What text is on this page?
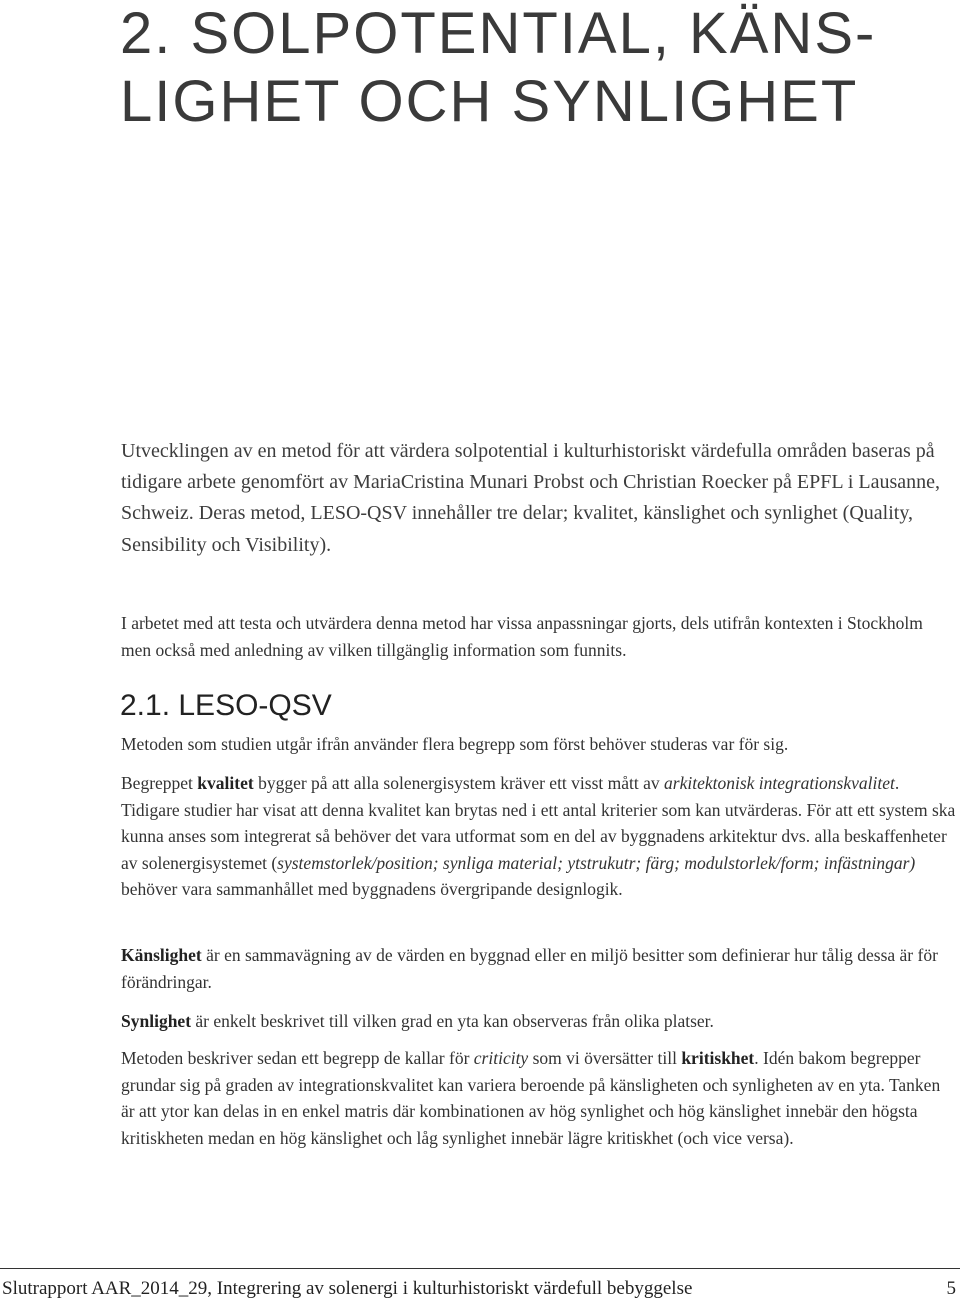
2. SOLPOTENTIAL, KÄNS-
LIGHET OCH SYNLIGHET

Utvecklingen av en metod för att värdera solpotential i kulturhistoriskt värdefulla områden baseras på tidigare arbete genomfört av MariaCristina Munari Probst och Christian Roecker på EPFL i Lausanne, Schweiz. Deras metod, LESO-QSV innehåller tre delar; kvalitet, känslighet och synlighet (Quality, Sensibility och Visibility).

I arbetet med att testa och utvärdera denna metod har vissa anpassningar gjorts, dels utifrån kontexten i Stockholm men också med anledning av vilken tillgänglig information som funnits.

2.1. LESO-QSV

Metoden som studien utgår ifrån använder flera begrepp som först behöver studeras var för sig.

Begreppet kvalitet bygger på att alla solenergisystem kräver ett visst mått av arkitektonisk integrationskvalitet. Tidigare studier har visat att denna kvalitet kan brytas ned i ett antal kriterier som kan utvärderas. För att ett system ska kunna anses som integrerat så behöver det vara utformat som en del av byggnadens arkitektur dvs. alla beskaffenheter av solenergisystemet (systemstorlek/position; synliga material; ytstrukutr; färg; modulstorlek/form; infästningar) behöver vara sammanhållet med byggnadens övergripande designlogik.

Känslighet är en sammavägning av de värden en byggnad eller en miljö besitter som definierar hur tålig dessa är för förändringar.

Synlighet är enkelt beskrivet till vilken grad en yta kan observeras från olika platser.

Metoden beskriver sedan ett begrepp de kallar för criticity som vi översätter till kritiskhet. Idén bakom begrepper grundar sig på graden av integrationskvalitet kan variera beroende på känsligheten och synligheten av en yta. Tanken är att ytor kan delas in en enkel matris där kombinationen av hög synlighet och hög känslighet innebär den högsta kritiskheten medan en hög känslighet och låg synlighet innebär lägre kritiskhet (och vice versa).

Slutrapport AAR_2014_29, Integrering av solenergi i kulturhistoriskt värdefull bebyggelse	5
